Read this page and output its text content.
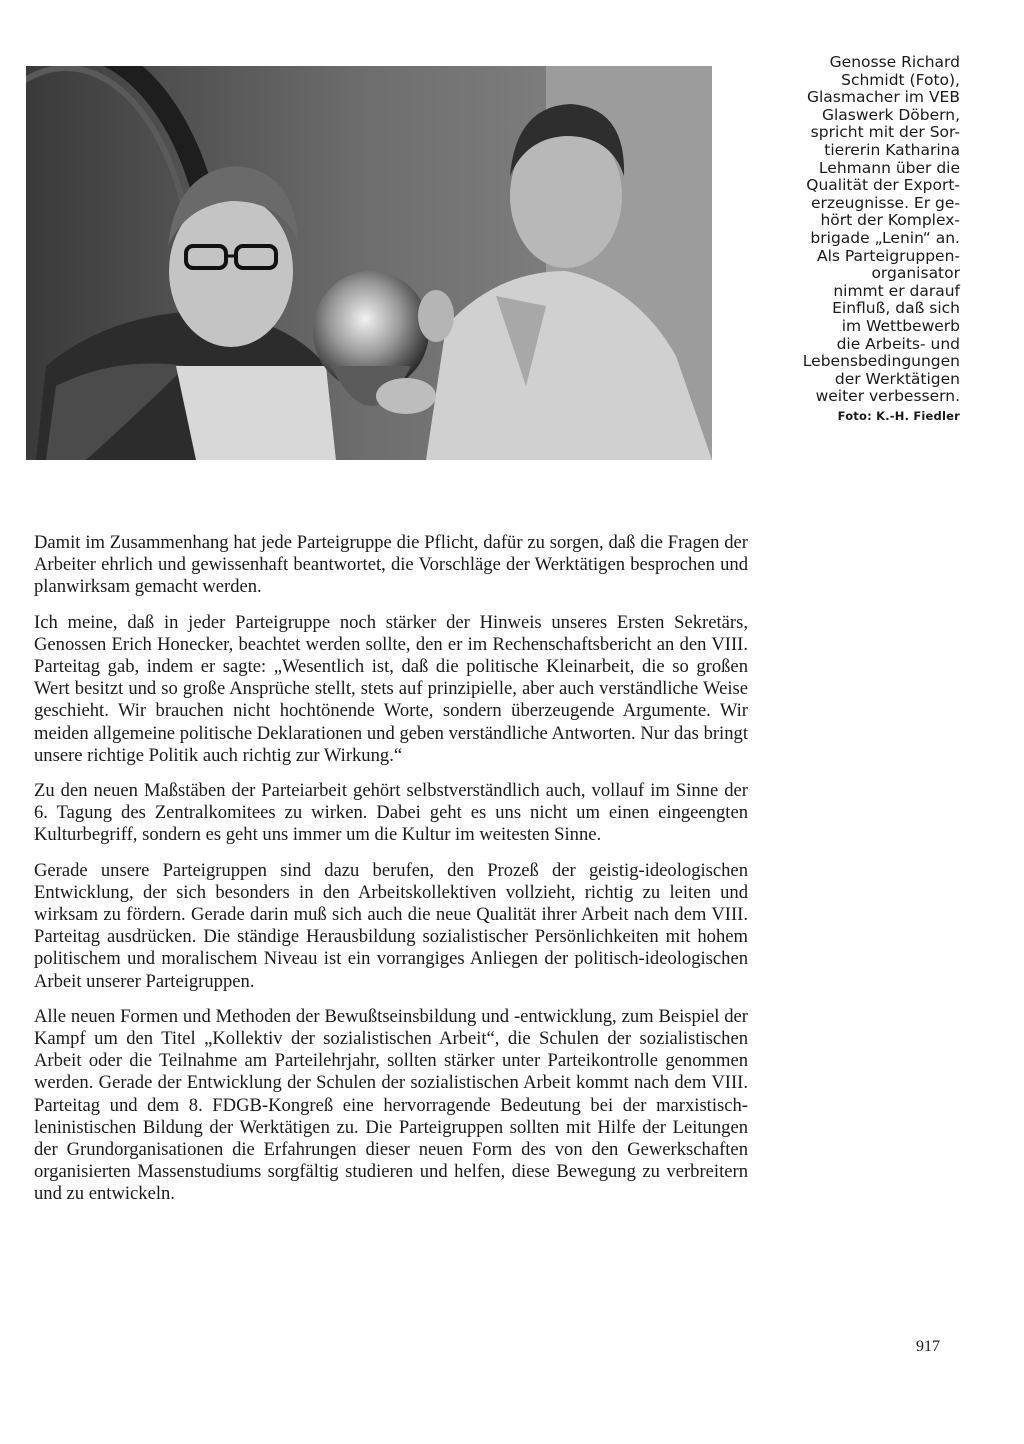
Genosse Richard
Schmidt (Foto),
Glasmacher im VEB
Glaswerk Döbern,
spricht mit der Sor-
tiererin Katharina
Lehmann über die
Qualität der Export-
erzeugnisse. Er ge-
hört der Komplex-
brigade „Lenin“ an.
Als Parteigruppen-
organisator
nimmt er darauf
Einfluß, daß sich
im Wettbewerb
die Arbeits- und
Lebensbedingungen
der Werktätigen
weiter verbessern.
Foto: K.-H. Fiedler

Damit im Zusammenhang hat jede Parteigruppe die Pflicht, dafür zu sorgen, daß die Fragen der Arbeiter ehrlich und gewissenhaft beantwortet, die Vorschläge der Werktätigen besprochen und planwirksam gemacht werden.

Ich meine, daß in jeder Parteigruppe noch stärker der Hinweis unseres Ersten Sekretärs, Genossen Erich Honecker, beachtet werden sollte, den er im Rechenschaftsbericht an den VIII. Parteitag gab, indem er sagte: „Wesentlich ist, daß die politische Kleinarbeit, die so großen Wert besitzt und so große Ansprüche stellt, stets auf prinzipielle, aber auch verständliche Weise geschieht. Wir brauchen nicht hochtönende Worte, sondern überzeugende Argumente. Wir meiden allgemeine politische Deklarationen und geben verständliche Antworten. Nur das bringt unsere richtige Politik auch richtig zur Wirkung.“

Zu den neuen Maßstäben der Parteiarbeit gehört selbstverständlich auch, vollauf im Sinne der 6. Tagung des Zentralkomitees zu wirken. Dabei geht es uns nicht um einen eingeengten Kulturbegriff, sondern es geht uns immer um die Kultur im weitesten Sinne.

Gerade unsere Parteigruppen sind dazu berufen, den Prozeß der geistig-ideologischen Entwicklung, der sich besonders in den Arbeitskollektiven vollzieht, richtig zu leiten und wirksam zu fördern. Gerade darin muß sich auch die neue Qualität ihrer Arbeit nach dem VIII. Parteitag ausdrücken. Die ständige Herausbildung sozialistischer Persönlichkeiten mit hohem politischem und moralischem Niveau ist ein vorrangiges Anliegen der politisch-ideologischen Arbeit unserer Parteigruppen.

Alle neuen Formen und Methoden der Bewußtseinsbildung und -entwicklung, zum Beispiel der Kampf um den Titel „Kollektiv der sozialistischen Arbeit“, die Schulen der sozialistischen Arbeit oder die Teilnahme am Parteilehrjahr, sollten stärker unter Parteikontrolle genommen werden. Gerade der Entwicklung der Schulen der sozialistischen Arbeit kommt nach dem VIII. Parteitag und dem 8. FDGB-Kongreß eine hervorragende Bedeutung bei der marxistisch-leninistischen Bildung der Werktätigen zu. Die Parteigruppen sollten mit Hilfe der Leitungen der Grundorganisationen die Erfahrungen dieser neuen Form des von den Gewerkschaften organisierten Massenstudiums sorgfältig studieren und helfen, diese Bewegung zu verbreitern und zu entwickeln.

917
